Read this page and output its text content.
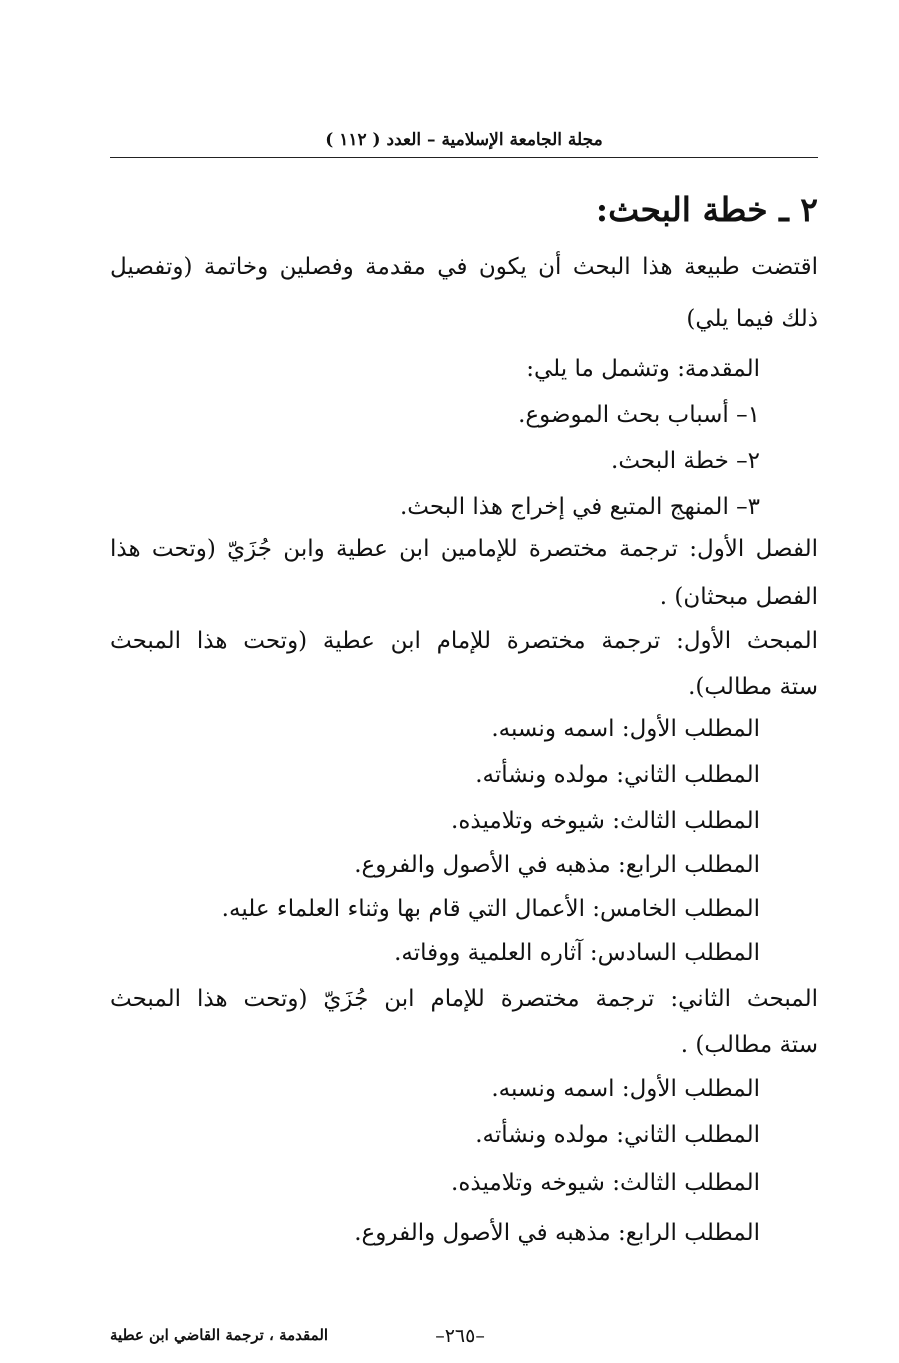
مجلة الجامعة الإسلامية – العدد ( ١١٢ )
٢ ـ خطة البحث:
اقتضت طبيعة هذا البحث أن يكون في مقدمة وفصلين وخاتمة (وتفصيل
ذلك فيما يلي)
المقدمة: وتشمل ما يلي:
١– أسباب بحث الموضوع.
٢– خطة البحث.
٣– المنهج المتبع في إخراج هذا البحث.
الفصل الأول: ترجمة مختصرة للإمامين ابن عطية وابن جُزَيّ (وتحت هذا
الفصل مبحثان) .
المبحث الأول: ترجمة مختصرة للإمام ابن عطية (وتحت هذا المبحث
ستة مطالب).
المطلب الأول: اسمه ونسبه.
المطلب الثاني: مولده ونشأته.
المطلب الثالث: شيوخه وتلاميذه.
المطلب الرابع: مذهبه في الأصول والفروع.
المطلب الخامس: الأعمال التي قام بها وثناء العلماء عليه.
المطلب السادس: آثاره العلمية ووفاته.
المبحث الثاني: ترجمة مختصرة للإمام ابن جُزَيّ (وتحت هذا المبحث
ستة مطالب) .
المطلب الأول: اسمه ونسبه.
المطلب الثاني: مولده ونشأته.
المطلب الثالث: شيوخه وتلاميذه.
المطلب الرابع: مذهبه في الأصول والفروع.
المقدمة ، ترجمة القاضي ابن عطية	–٢٦٥–
